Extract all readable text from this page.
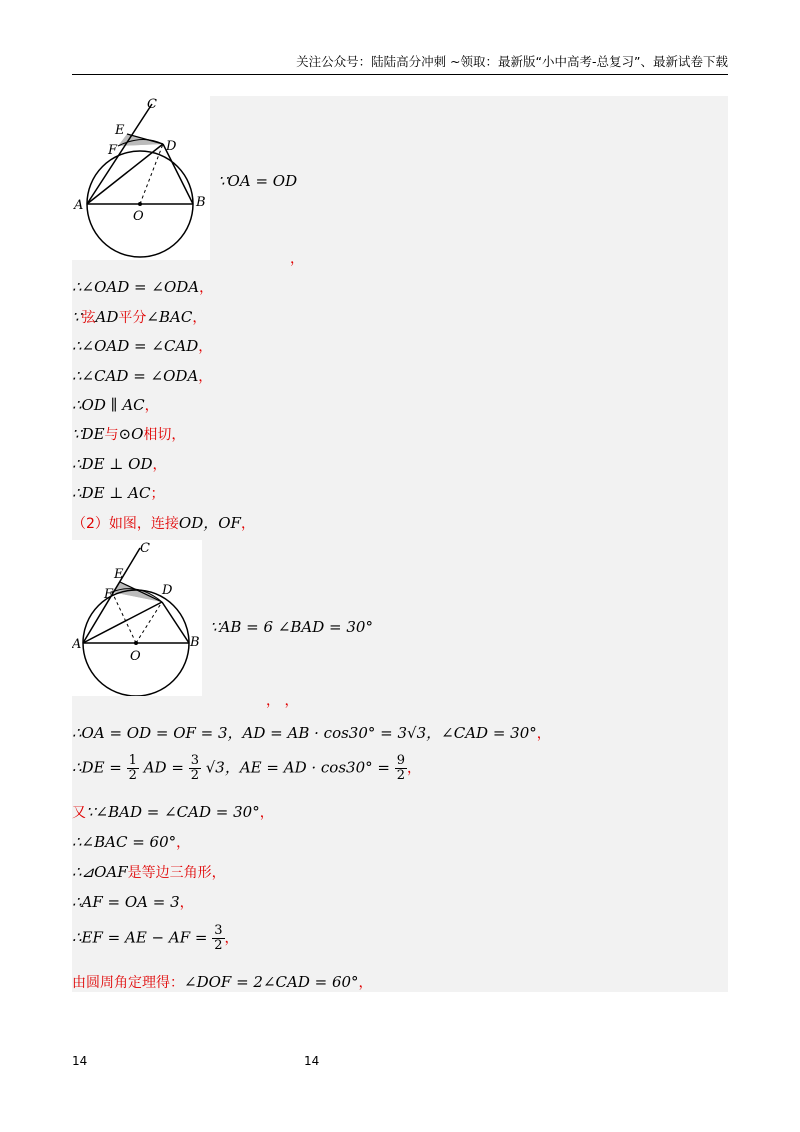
关注公众号：陆陆高分冲刺 ~领取：最新版“小中高考-总复习”、最新试卷下载
C
E
F	D
A	B
O
∵OA = OD
，
∴∠OAD = ∠ODA，
∵弦AD平分∠BAC，
∴∠OAD = ∠CAD，
∴∠CAD = ∠ODA，
∴OD ∥ AC，
∵DE与⊙O相切，
∴DE ⊥ OD，
∴DE ⊥ AC；
（2）如图，连接OD，OF，
C
E
F	D
A	B
O
∵AB = 6 ∠BAD = 30°
， ，
∴OA = OD = OF = 3，AD = AB · cos30° = 3√3，∠CAD = 30°，
∴DE = $\frac{1}{2}$ AD = $\frac{3}{2} √3$，AE = AD · $\cos 30^\circ = \frac{9}{2}$ ，
又∵∠BAD = ∠CAD = 30°，
∴∠BAC = 60°，
∴⊿OAF是等边三角形，
∴AF = OA = 3，
∴EF = AE − AF = $\frac{3}{2}$ ，
由圆周角定理得：∠DOF = 2∠CAD = 60°，
14	14
